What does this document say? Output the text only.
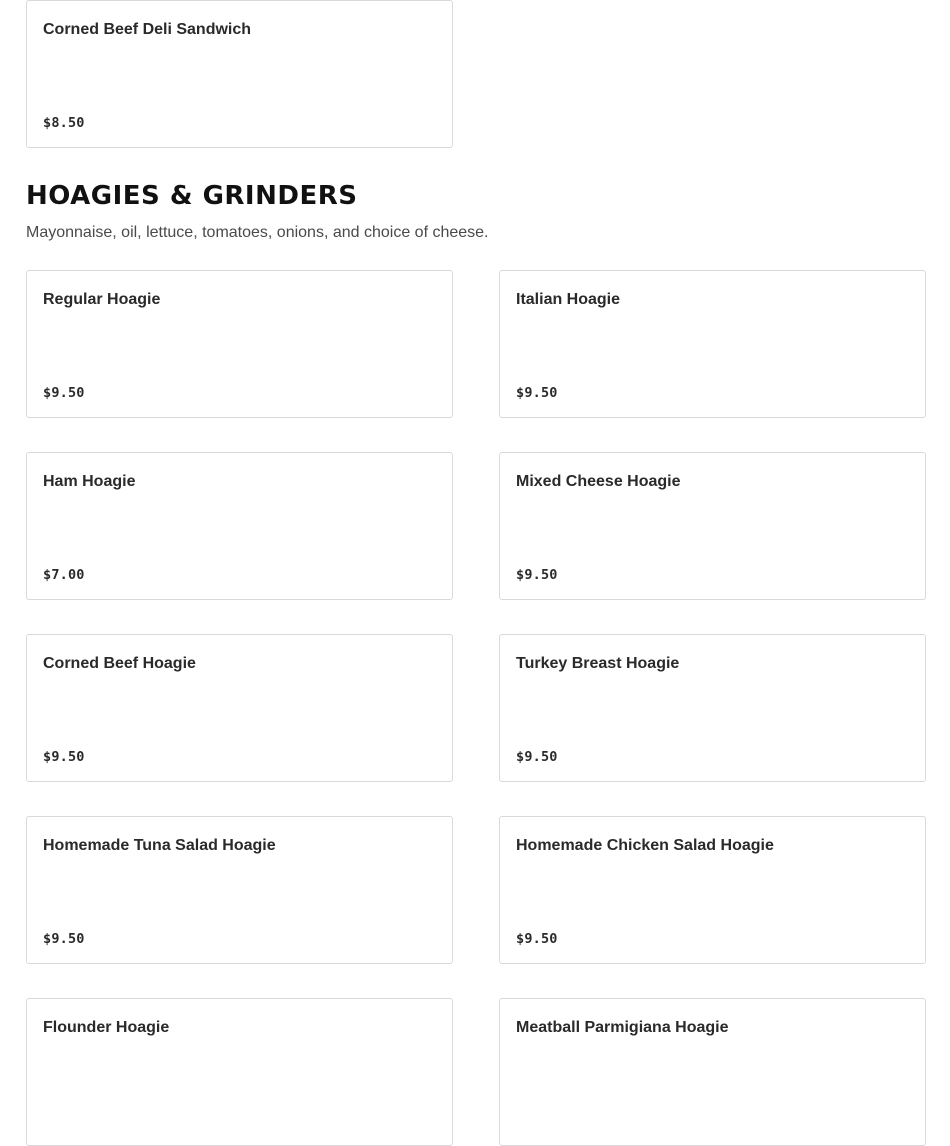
Corned Beef Deli Sandwich
$8.50
HOAGIES & GRINDERS

Mayonnaise, oil, lettuce, tomatoes, onions, and choice of cheese.

Regular Hoagie
$9.50
Italian Hoagie
$9.50
Ham Hoagie
$7.00
Mixed Cheese Hoagie
$9.50
Corned Beef Hoagie
$9.50
Turkey Breast Hoagie
$9.50
Homemade Tuna Salad Hoagie
$9.50
Homemade Chicken Salad Hoagie
$9.50
Flounder Hoagie	Meatball Parmigiana Hoagie
